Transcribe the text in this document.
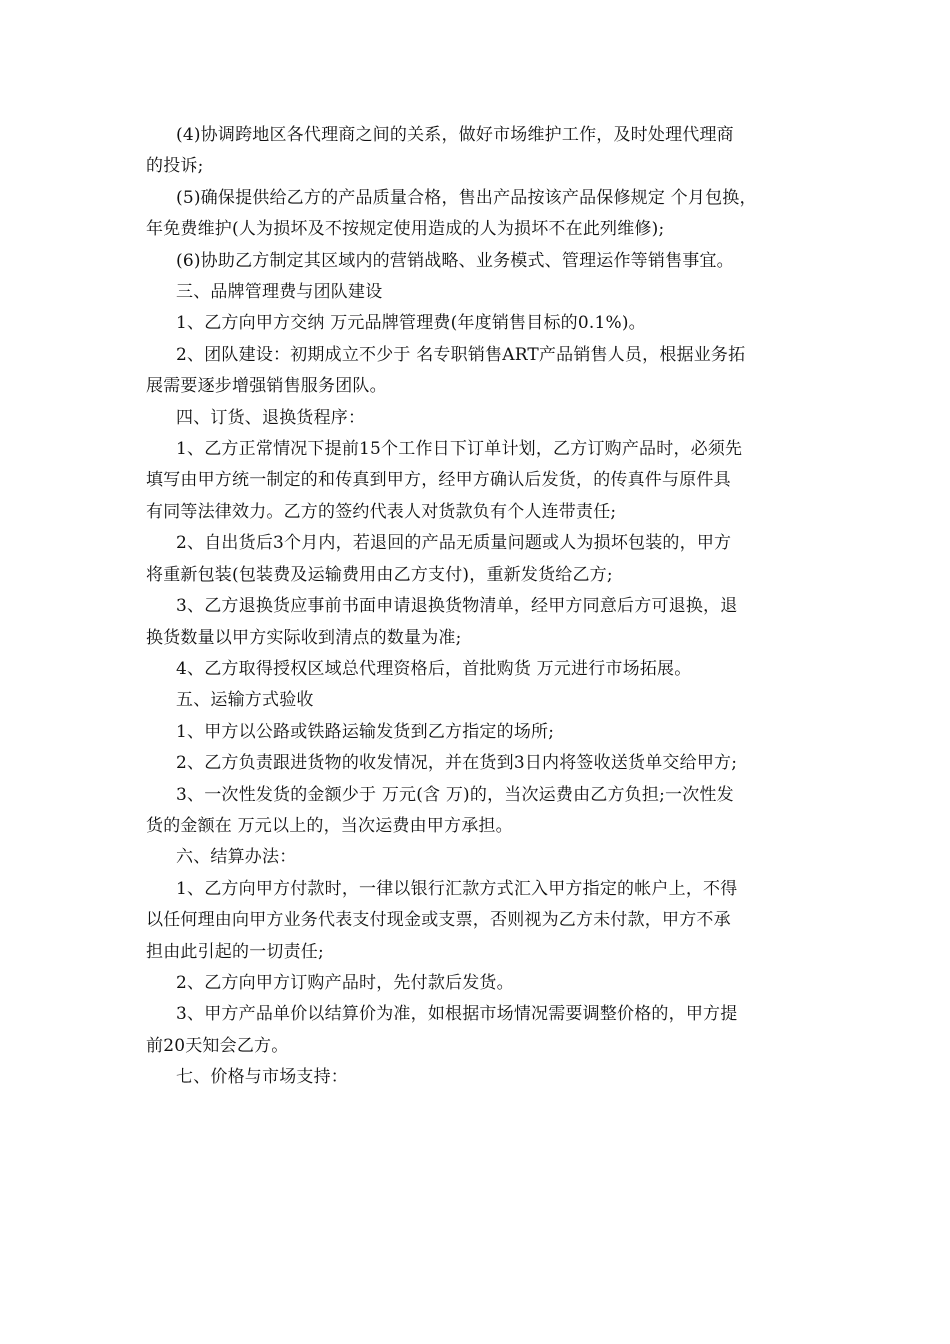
(4)协调跨地区各代理商之间的关系，做好市场维护工作，及时处理代理商
的投诉;
(5)确保提供给乙方的产品质量合格，售出产品按该产品保修规定 个月包换，
年免费维护(人为损坏及不按规定使用造成的人为损坏不在此列维修);
(6)协助乙方制定其区域内的营销战略、业务模式、管理运作等销售事宜。
三、品牌管理费与团队建设
1、乙方向甲方交纳 万元品牌管理费(年度销售目标的0.1%)。
2、团队建设：初期成立不少于 名专职销售ART产品销售人员，根据业务拓
展需要逐步增强销售服务团队。
四、订货、退换货程序：
1、乙方正常情况下提前15个工作日下订单计划，乙方订购产品时，必须先
填写由甲方统一制定的和传真到甲方，经甲方确认后发货，的传真件与原件具
有同等法律效力。乙方的签约代表人对货款负有个人连带责任;
2、自出货后3个月内，若退回的产品无质量问题或人为损坏包装的，甲方
将重新包装(包装费及运输费用由乙方支付)，重新发货给乙方;
3、乙方退换货应事前书面申请退换货物清单，经甲方同意后方可退换，退
换货数量以甲方实际收到清点的数量为准;
4、乙方取得授权区域总代理资格后，首批购货 万元进行市场拓展。
五、运输方式验收
1、甲方以公路或铁路运输发货到乙方指定的场所;
2、乙方负责跟进货物的收发情况，并在货到3日内将签收送货单交给甲方;
3、一次性发货的金额少于 万元(含 万)的，当次运费由乙方负担;一次性发
货的金额在 万元以上的，当次运费由甲方承担。
六、结算办法：
1、乙方向甲方付款时，一律以银行汇款方式汇入甲方指定的帐户上，不得
以任何理由向甲方业务代表支付现金或支票，否则视为乙方未付款，甲方不承
担由此引起的一切责任;
2、乙方向甲方订购产品时，先付款后发货。
3、甲方产品单价以结算价为准，如根据市场情况需要调整价格的，甲方提
前20天知会乙方。
七、价格与市场支持：
